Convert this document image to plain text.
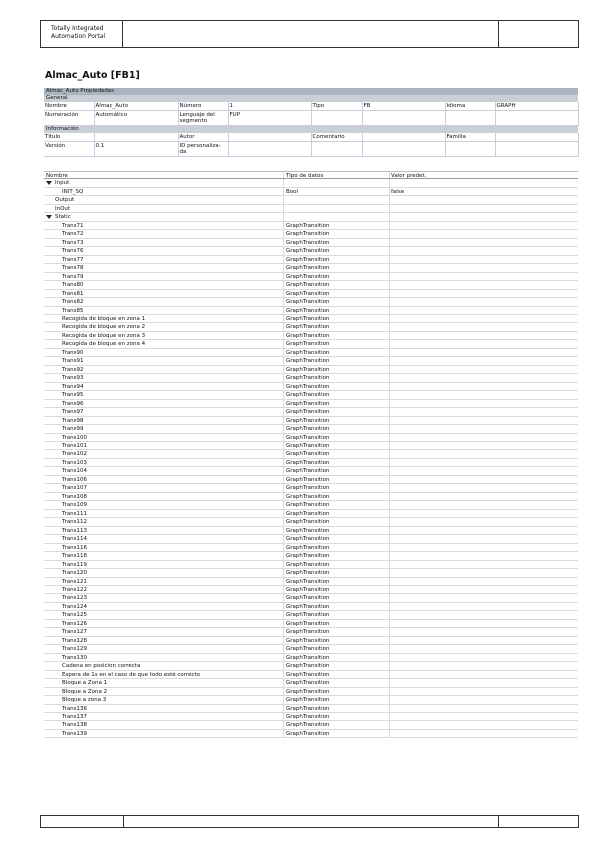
Totally Integrated
Automation Portal
Almac_Auto [FB1]
Almac_Auto Propiedades
General
Nombre	Almac_Auto	Número	1	Tipo	FB	Idioma	GRAPH
Numeración	Automático	Lenguaje del segmento	FUP				
Información
Título		Autor		Comentario		Familia	
Versión	0.1	ID personaliza-da					
Nombre	Tipo de datos	Valor predet.
Input
INIT_SQ	Bool	false
Output
InOut
Static
Trans71	GraphTransition
Trans72	GraphTransition
Trans73	GraphTransition
Trans76	GraphTransition
Trans77	GraphTransition
Trans78	GraphTransition
Trans79	GraphTransition
Trans80	GraphTransition
Trans81	GraphTransition
Trans82	GraphTransition
Trans85	GraphTransition
Recogida de bloque en zona 1	GraphTransition
Recogida de bloque en zona 2	GraphTransition
Recogida de bloque en zona 3	GraphTransition
Recogida de bloque en zona 4	GraphTransition
Trans90	GraphTransition
Trans91	GraphTransition
Trans92	GraphTransition
Trans93	GraphTransition
Trans94	GraphTransition
Trans95	GraphTransition
Trans96	GraphTransition
Trans97	GraphTransition
Trans98	GraphTransition
Trans99	GraphTransition
Trans100	GraphTransition
Trans101	GraphTransition
Trans102	GraphTransition
Trans103	GraphTransition
Trans104	GraphTransition
Trans106	GraphTransition
Trans107	GraphTransition
Trans108	GraphTransition
Trans109	GraphTransition
Trans111	GraphTransition
Trans112	GraphTransition
Trans113	GraphTransition
Trans114	GraphTransition
Trans116	GraphTransition
Trans118	GraphTransition
Trans119	GraphTransition
Trans120	GraphTransition
Trans121	GraphTransition
Trans122	GraphTransition
Trans123	GraphTransition
Trans124	GraphTransition
Trans125	GraphTransition
Trans126	GraphTransition
Trans127	GraphTransition
Trans128	GraphTransition
Trans129	GraphTransition
Trans130	GraphTransition
Cadena en posicion correcta	GraphTransition
Espera de 1s en el caso de que todo esté correcto	GraphTransition
Bloque a Zona 1	GraphTransition
Bloque a Zona 2	GraphTransition
Bloque a zona 3	GraphTransition
Trans136	GraphTransition
Trans137	GraphTransition
Trans138	GraphTransition
Trans139	GraphTransition
